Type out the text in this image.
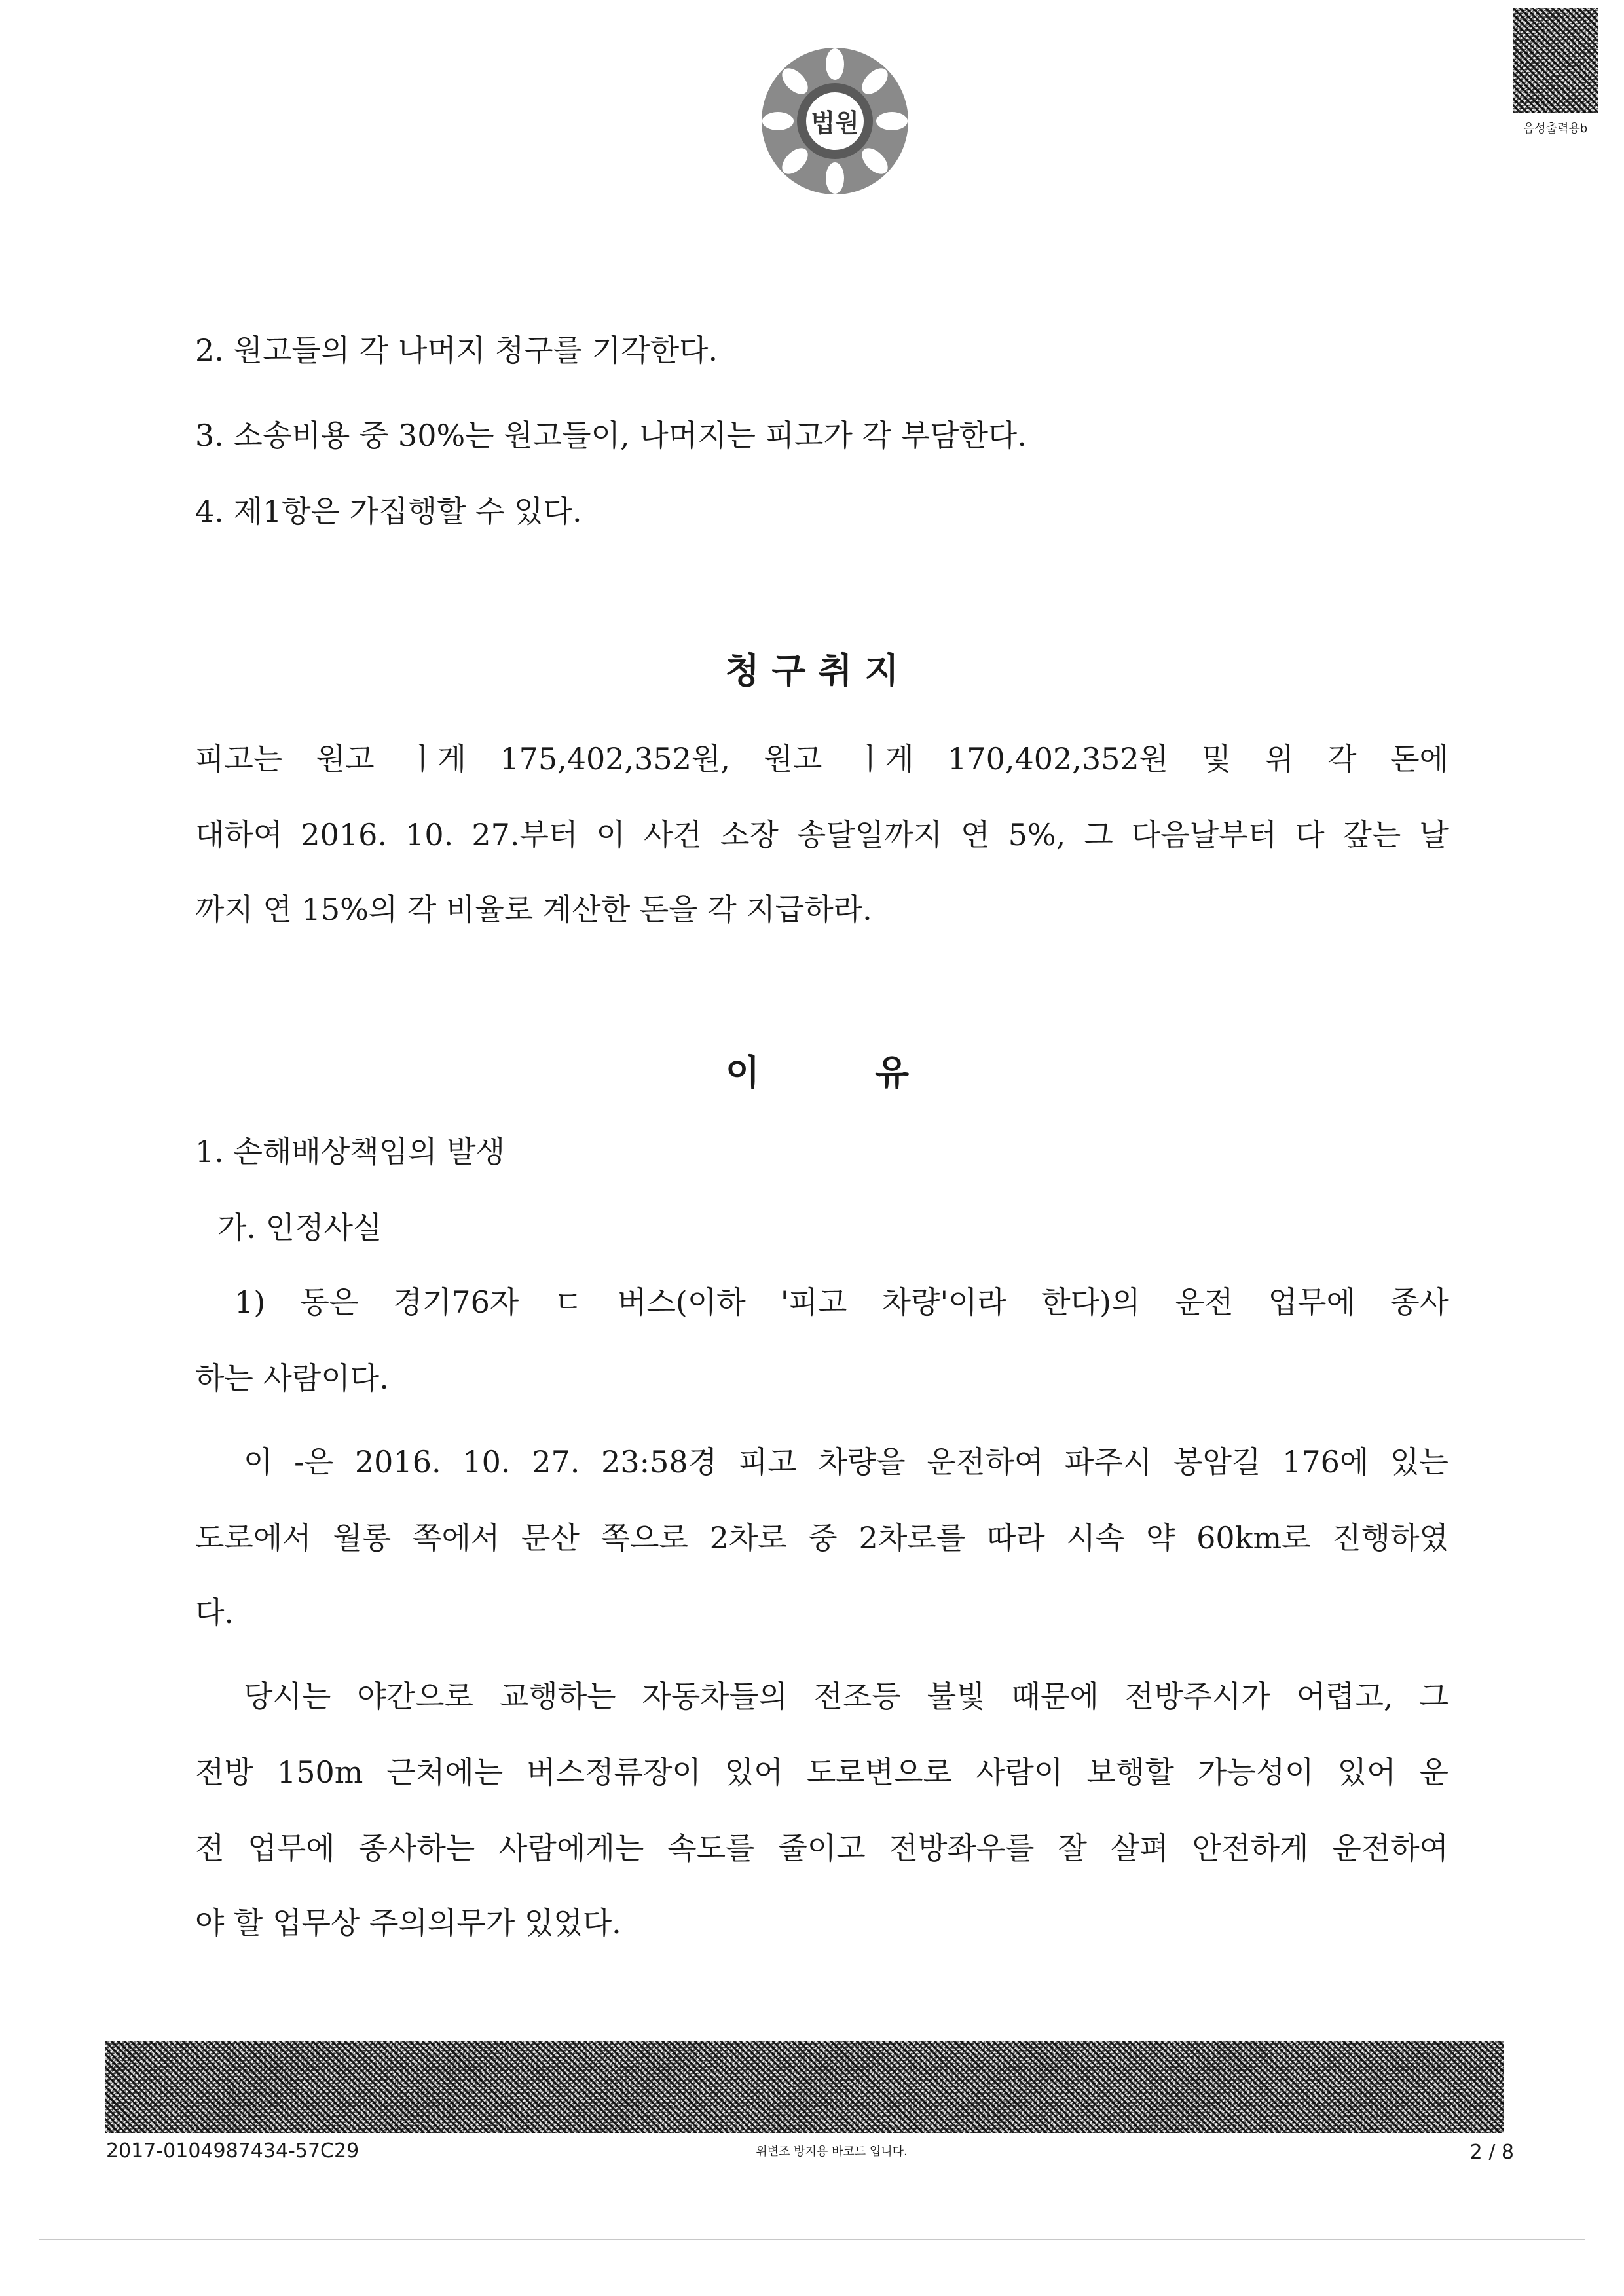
법원	음성출력용b
2. 원고들의 각 나머지 청구를 기각한다.
3. 소송비용 중 30%는 원고들이, 나머지는 피고가 각 부담한다.
4. 제1항은 가집행할 수 있다.
청 구 취 지
피고는 원고 ㅣ게 175,402,352원, 원고 ㅣ게 170,402,352원 및 위 각 돈에
대하여 2016. 10. 27.부터 이 사건 소장 송달일까지 연 5%, 그 다음날부터 다 갚는 날
까지 연 15%의 각 비율로 계산한 돈을 각 지급하라.
이	유
1. 손해배상책임의 발생
가. 인정사실
1) 동은 경기76자 ㄷ 버스(이하 '피고 차량'이라 한다)의 운전 업무에 종사
하는 사람이다.
이 -은 2016. 10. 27. 23:58경 피고 차량을 운전하여 파주시 봉암길 176에 있는
도로에서 월롱 쪽에서 문산 쪽으로 2차로 중 2차로를 따라 시속 약 60km로 진행하였
다.
당시는 야간으로 교행하는 자동차들의 전조등 불빛 때문에 전방주시가 어렵고, 그
전방 150m 근처에는 버스정류장이 있어 도로변으로 사람이 보행할 가능성이 있어 운
전 업무에 종사하는 사람에게는 속도를 줄이고 전방좌우를 잘 살펴 안전하게 운전하여
야 할 업무상 주의의무가 있었다.
2017-0104987434-57C29	위변조 방지용 바코드 입니다.	2 / 8
